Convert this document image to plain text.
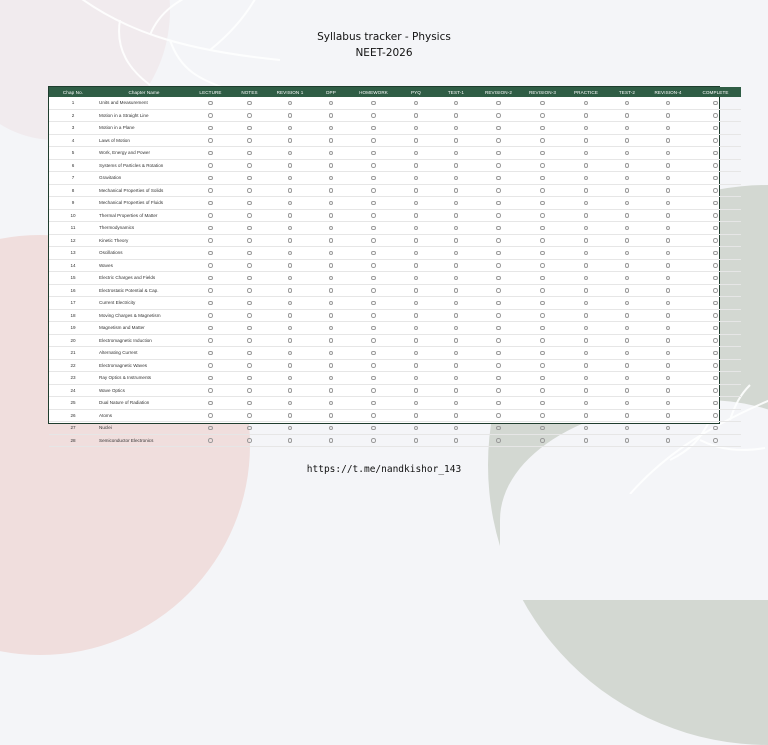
Syllabus tracker - Physics
NEET-2026
Chap No.	Chapter Name	LECTURE	NOTES	REVISION 1	DPP	HOMEWORK	PYQ	TEST-1	REVISION-2	REVISION-3	PRACTICE	TEST-2	REVISION-4	COMPLETE
1	Units and Measurement													
2	Motion in a Straight Line													
3	Motion in a Plane													
4	Laws of Motion													
5	Work, Energy and Power													
6	Systems of Particles & Rotation													
7	Gravitation													
8	Mechanical Properties of Solids													
9	Mechanical Properties of Fluids													
10	Thermal Properties of Matter													
11	Thermodynamics													
12	Kinetic Theory													
13	Oscillations													
14	Waves													
15	Electric Charges and Fields													
16	Electrostatic Potential & Cap.													
17	Current Electricity													
18	Moving Charges & Magnetism													
19	Magnetism and Matter													
20	Electromagnetic Induction													
21	Alternating Current													
22	Electromagnetic Waves													
23	Ray Optics & Instruments													
24	Wave Optics													
25	Dual Nature of Radiation													
26	Atoms													
27	Nuclei													
28	Semiconductor Electronics													
https://t.me/nandkishor_143
